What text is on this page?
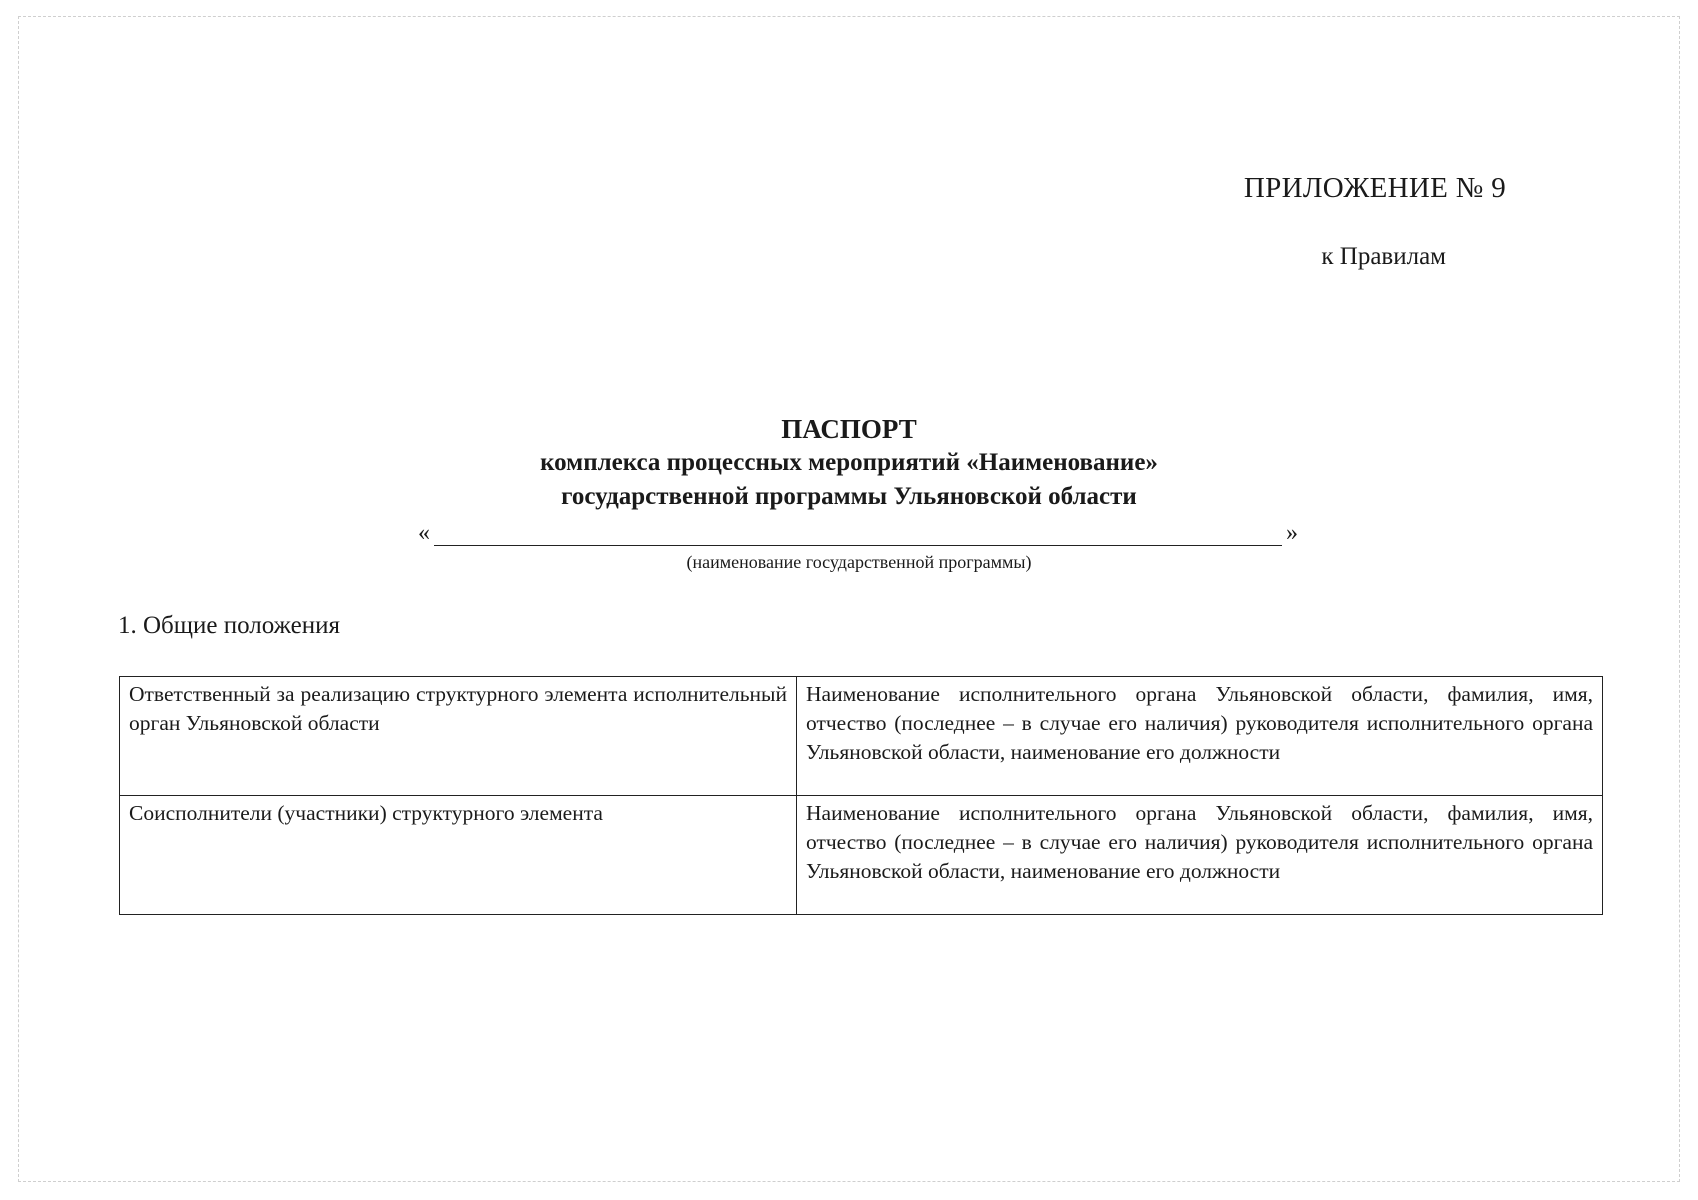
ПРИЛОЖЕНИЕ № 9
к Правилам
ПАСПОРТ
комплекса процессных мероприятий «Наименование»
государственной программы Ульяновской области
«	»
(наименование государственной программы)
1. Общие положения
Ответственный за реализацию структурного элемента исполнительный орган Ульяновской области	Наименование исполнительного органа Ульяновской области, фамилия, имя, отчество (последнее – в случае его наличия) руководителя исполнительного органа Ульяновской области, наименование его должности
Соисполнители (участники) структурного элемента	Наименование исполнительного органа Ульяновской области, фамилия, имя, отчество (последнее – в случае его наличия) руководителя исполнительного органа Ульяновской области, наименование его должности
